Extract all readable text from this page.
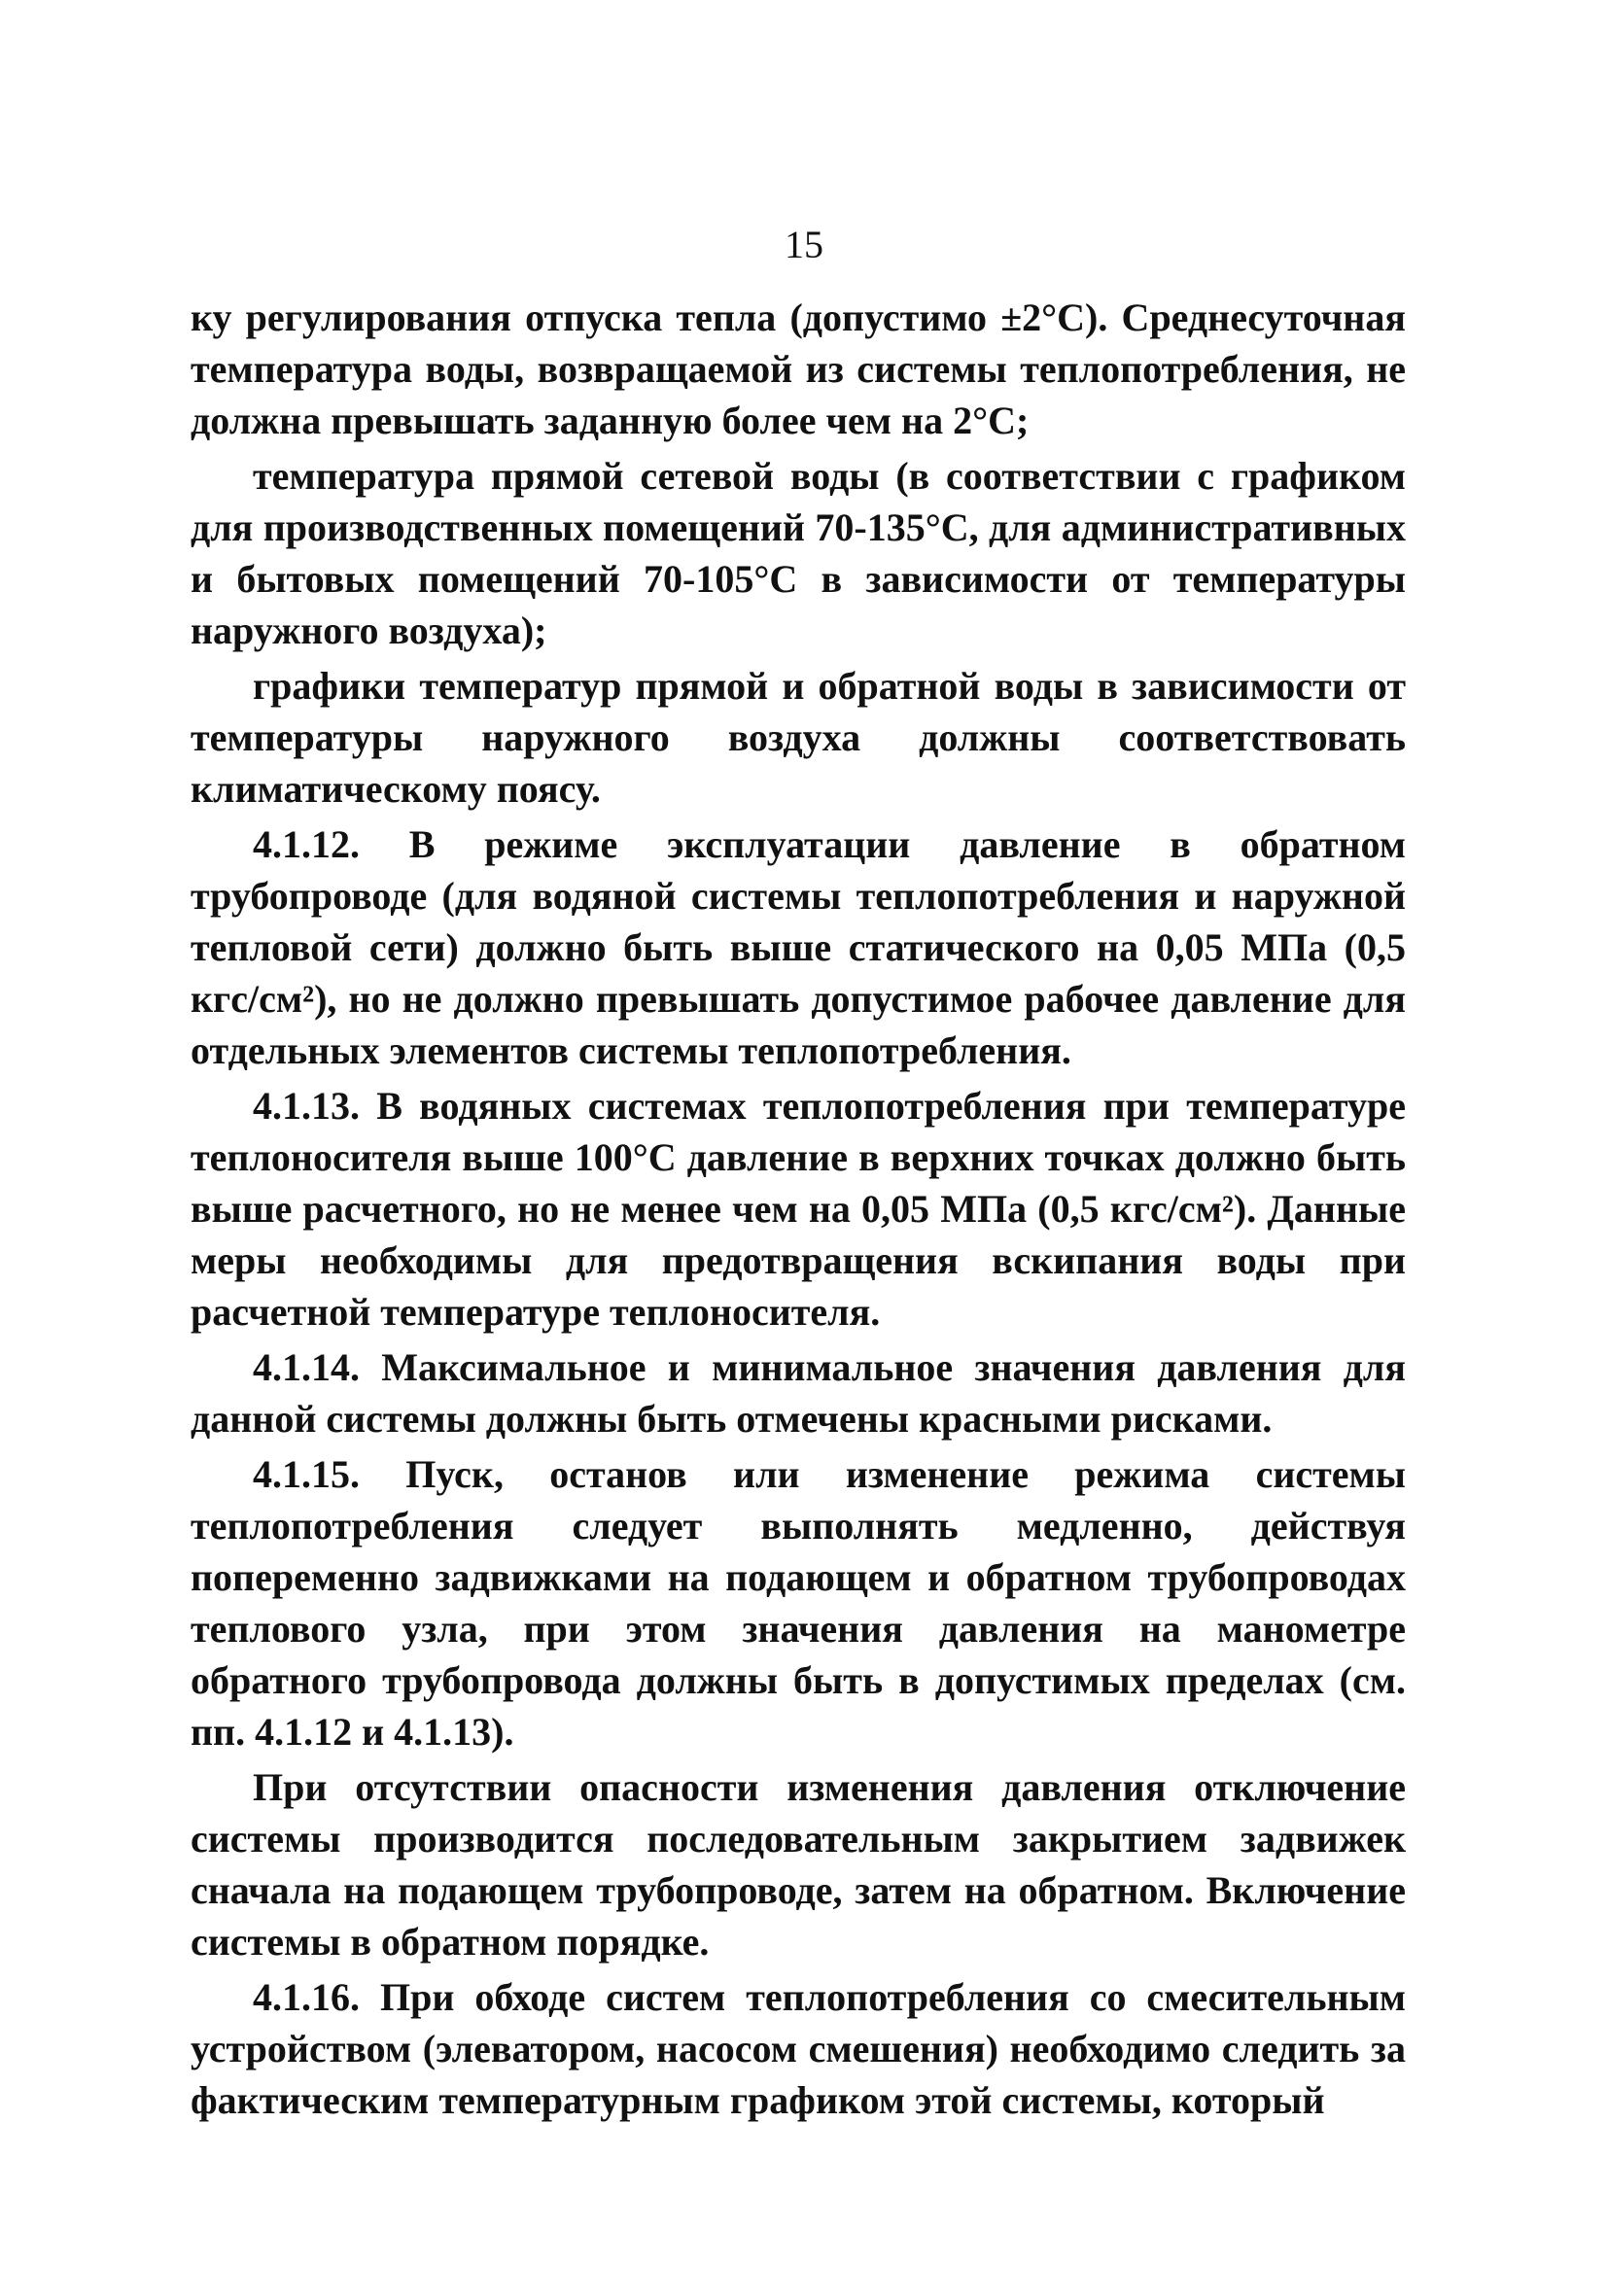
15

ку регулирования отпуска тепла (допустимо ±2°С). Среднесуточная температура воды, возвращаемой из системы теплопотребления, не должна превышать заданную более чем на 2°С;

температура прямой сетевой воды (в соответствии с графиком для производственных помещений 70-135°С, для административных и бытовых помещений 70-105°С в зависимости от температуры наружного воздуха);

графики температур прямой и обратной воды в зависимости от температуры наружного воздуха должны соответствовать климатическому поясу.

4.1.12. В режиме эксплуатации давление в обратном трубопроводе (для водяной системы теплопотребления и наружной тепловой сети) должно быть выше статического на 0,05 МПа (0,5 кгс/см²), но не должно превышать допустимое рабочее давление для отдельных элементов системы теплопотребления.

4.1.13. В водяных системах теплопотребления при температуре теплоносителя выше 100°С давление в верхних точках должно быть выше расчетного, но не менее чем на 0,05 МПа (0,5 кгс/см²). Данные меры необходимы для предотвращения вскипания воды при расчетной температуре теплоносителя.

4.1.14. Максимальное и минимальное значения давления для данной системы должны быть отмечены красными рисками.

4.1.15. Пуск, останов или изменение режима системы теплопотребления следует выполнять медленно, действуя попеременно задвижками на подающем и обратном трубопроводах теплового узла, при этом значения давления на манометре обратного трубопровода должны быть в допустимых пределах (см. пп. 4.1.12 и 4.1.13).

При отсутствии опасности изменения давления отключение системы производится последовательным закрытием задвижек сначала на подающем трубопроводе, затем на обратном. Включение системы в обратном порядке.

4.1.16. При обходе систем теплопотребления со смесительным устройством (элеватором, насосом смешения) необходимо следить за фактическим температурным графиком этой системы, который
